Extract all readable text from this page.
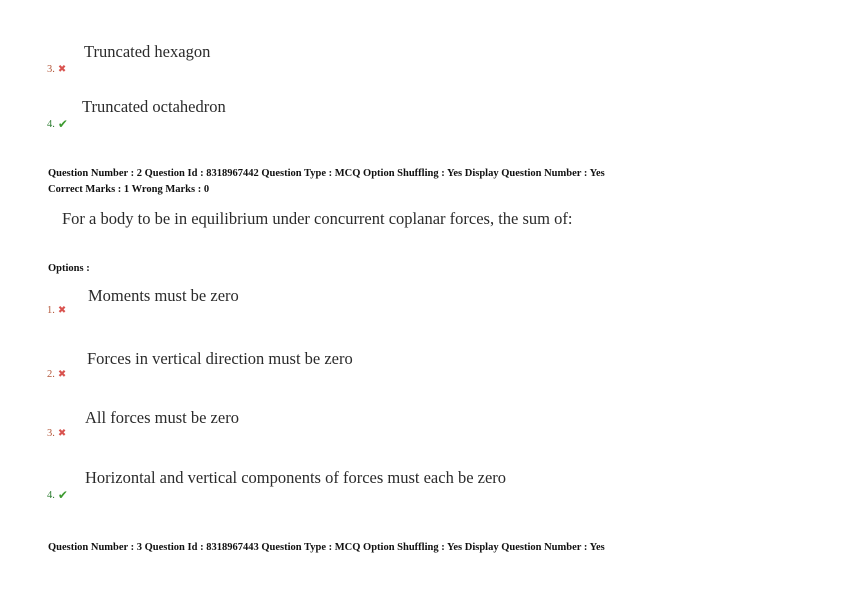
Truncated hexagon
3. ✖
Truncated octahedron
4. ✔
Question Number : 2 Question Id : 8318967442 Question Type : MCQ Option Shuffling : Yes Display Question Number : Yes
Correct Marks : 1 Wrong Marks : 0
For a body to be in equilibrium under concurrent coplanar forces, the sum of:
Options :
Moments must be zero
1. ✖
Forces in vertical direction must be zero
2. ✖
All forces must be zero
3. ✖
Horizontal and vertical components of forces must each be zero
4. ✔
Question Number : 3 Question Id : 8318967443 Question Type : MCQ Option Shuffling : Yes Display Question Number : Yes
